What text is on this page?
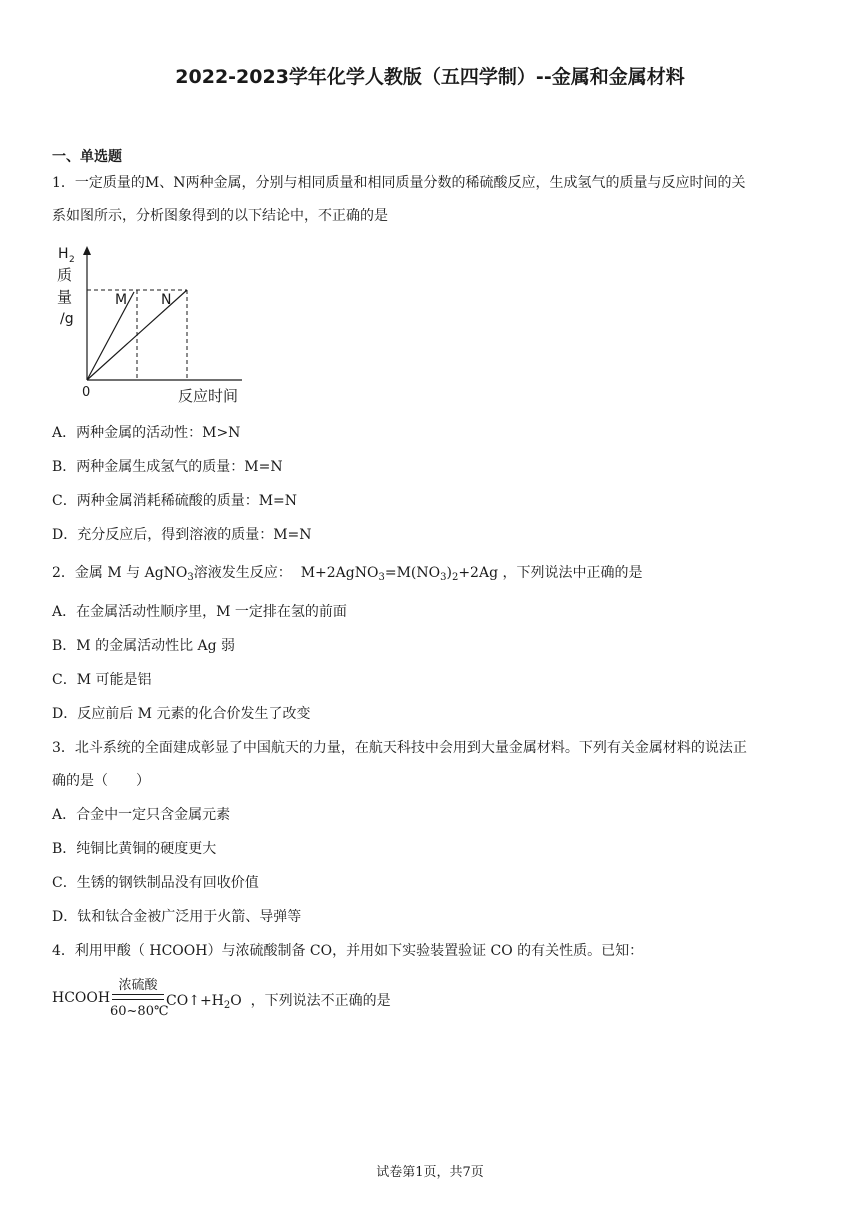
2022-2023学年化学人教版（五四学制）--金属和金属材料
一、单选题
1．一定质量的M、N两种金属，分别与相同质量和相同质量分数的稀硫酸反应，生成氢气的质量与反应时间的关
系如图所示，分析图象得到的以下结论中，不正确的是
H 2
质
量
/g
0	反应时间
M N
A．两种金属的活动性：M>N
B．两种金属生成氢气的质量：M=N
C．两种金属消耗稀硫酸的质量：M=N
D．充分反应后，得到溶液的质量：M=N
2．金属 M 与 AgNO$_3$溶液发生反应： $M+2AgNO_3=M(NO_3)_2+2Ag$ ，下列说法中正确的是
A．在金属活动性顺序里，M 一定排在氢的前面
B．M 的金属活动性比 Ag 弱
C．M 可能是铝
D．反应前后 M 元素的化合价发生了改变
3．北斗系统的全面建成彰显了中国航天的力量，在航天科技中会用到大量金属材料。下列有关金属材料的说法正
确的是（　　）
A．合金中一定只含金属元素
B．纯铜比黄铜的硬度更大
C．生锈的钢铁制品没有回收价值
D．钛和钛合金被广泛用于火箭、导弹等
4．利用甲酸（ HCOOH）与浓硫酸制备 CO，并用如下实验装置验证 CO 的有关性质。已知：
HCOOH
浓硫酸
60~80℃
$CO↑+H_2O$ ，下列说法不正确的是
试卷第1页，共7页
